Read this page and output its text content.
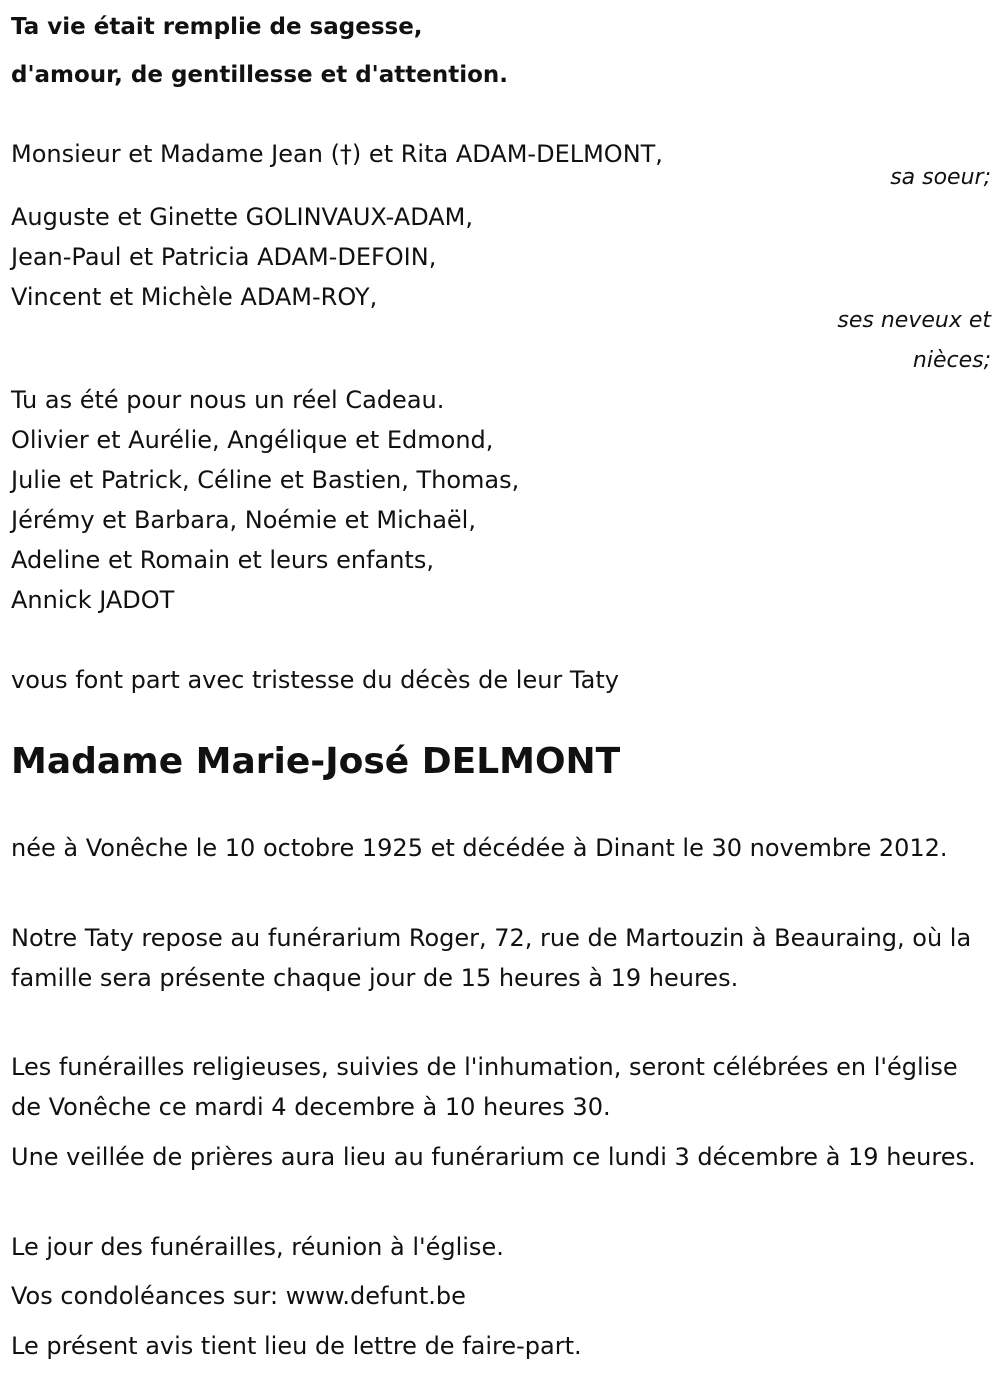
Ta vie était remplie de sagesse,
d'amour, de gentillesse et d'attention.
Monsieur et Madame Jean (†) et Rita ADAM-DELMONT,
sa soeur;
Auguste et Ginette GOLINVAUX-ADAM,
Jean-Paul et Patricia ADAM-DEFOIN,
Vincent et Michèle ADAM-ROY,
ses neveux et
nièces;
Tu as été pour nous un réel Cadeau.
Olivier et Aurélie, Angélique et Edmond,
Julie et Patrick, Céline et Bastien, Thomas,
Jérémy et Barbara, Noémie et Michaël,
Adeline et Romain et leurs enfants,
Annick JADOT
vous font part avec tristesse du décès de leur Taty
Madame Marie-José DELMONT
née à Vonêche le 10 octobre 1925 et décédée à Dinant le 30 novembre 2012.
Notre Taty repose au funérarium Roger, 72, rue de Martouzin à Beauraing, où la famille sera présente chaque jour de 15 heures à 19 heures.
Les funérailles religieuses, suivies de l'inhumation, seront célébrées en l'église de Vonêche ce mardi 4 decembre à 10 heures 30.
Une veillée de prières aura lieu au funérarium ce lundi 3 décembre à 19 heures.
Le jour des funérailles, réunion à l'église.
Vos condoléances sur: www.defunt.be
Le présent avis tient lieu de lettre de faire-part.
